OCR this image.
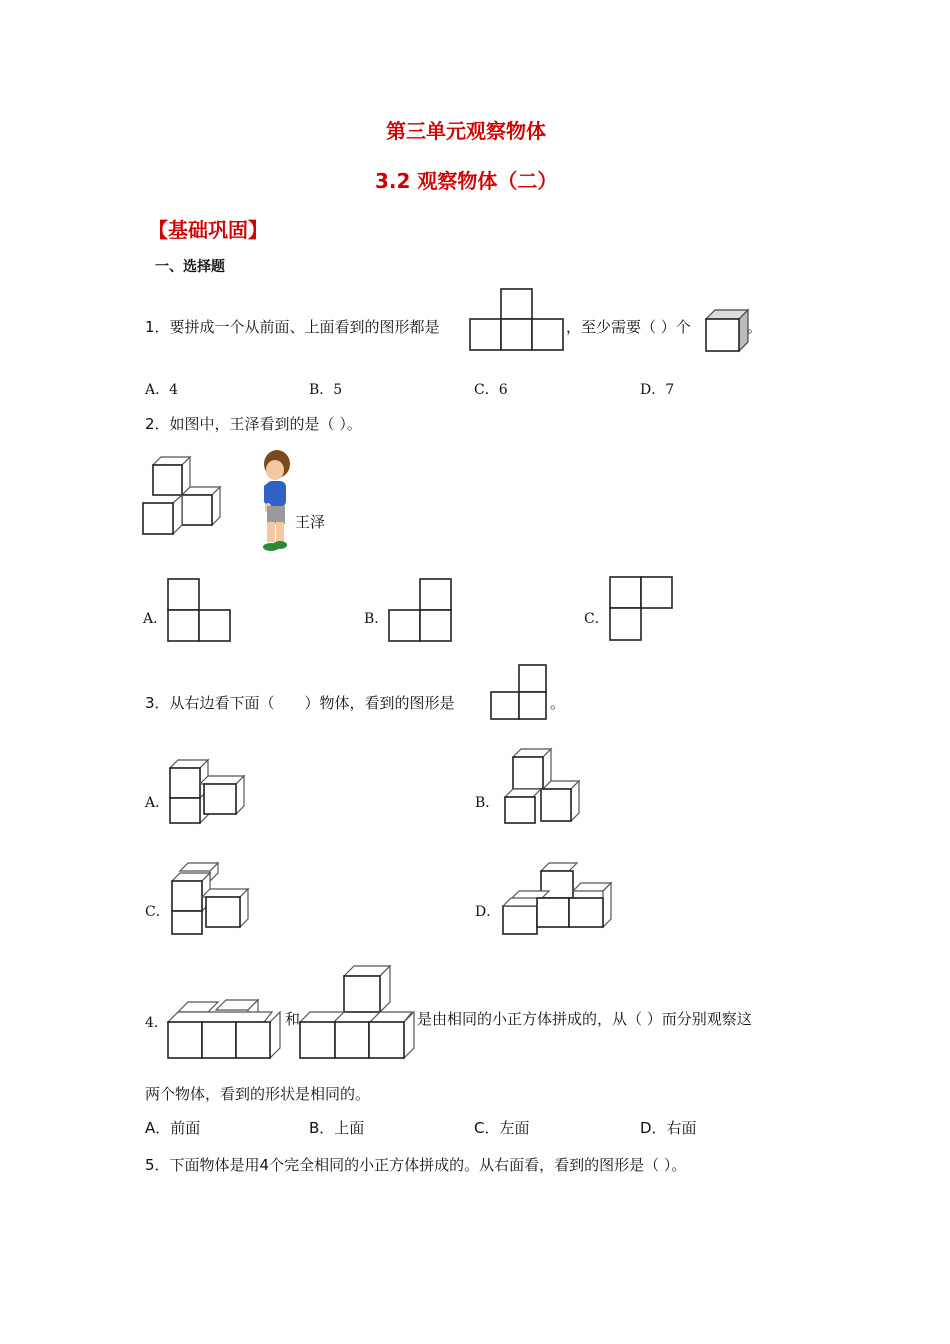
第三单元观察物体
3.2 观察物体（二）
【基础巩固】
一、选择题
1．要拼成一个从前面、上面看到的图形都是	，至少需要（ ）个	。
A．4	B．5	C．6	D．7
2．如图中，王泽看到的是（ ）。
王泽
A．	B．	C．
3．从右边看下面（　　）物体，看到的图形是	。
A．	B．
C．	D．
4．	和	是由相同的小正方体拼成的，从（ ）而分别观察这
两个物体，看到的形状是相同的。
A．前面	B．上面	C．左面	D．右面
5．下面物体是用4个完全相同的小正方体拼成的。从右面看，看到的图形是（ ）。
